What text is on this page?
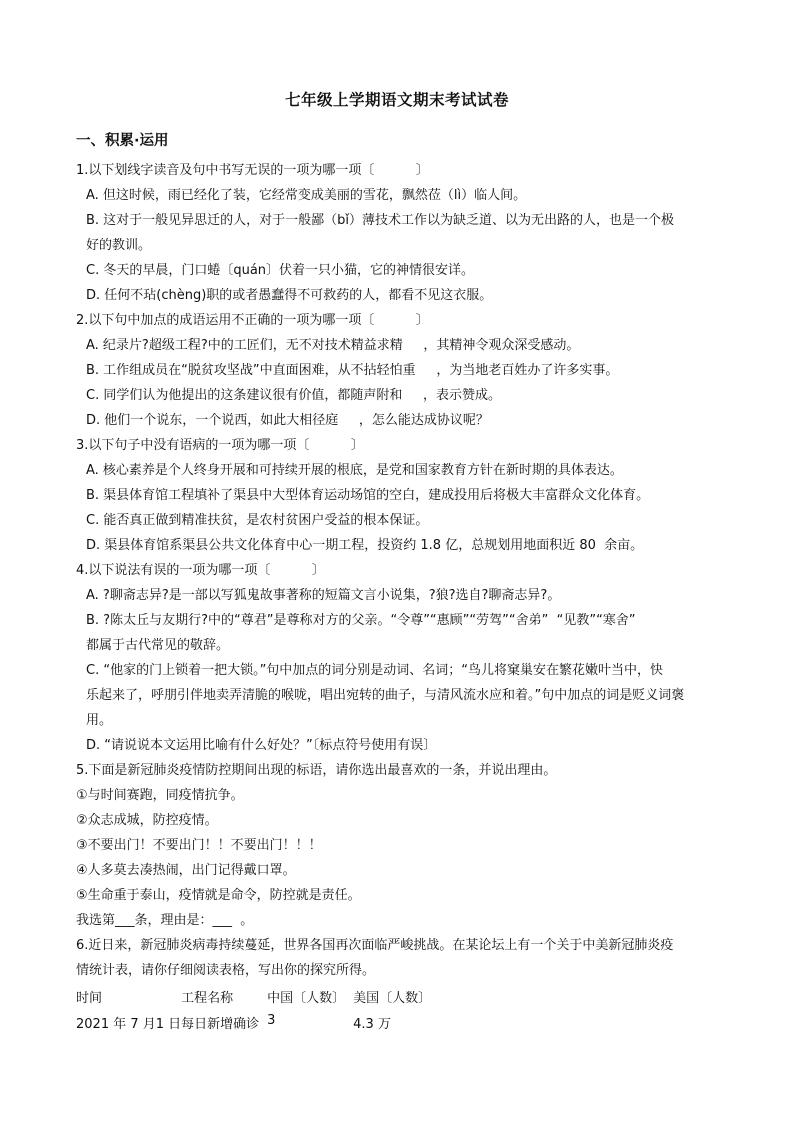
七年级上学期语文期末考试试卷
一、积累·运用
1.以下划线字读音及句中书写无误的一项为哪一项〔          〕
A. 但这时候，雨已经化了装，它经常变成美丽的雪花，飘然莅（lì）临人间。
B. 这对于一般见异思迁的人，对于一般鄙（bǐ）薄技术工作以为缺乏道、以为无出路的人，也是一个极
好的教训。
C. 冬天的早晨，门口蜷〔quán〕伏着一只小猫，它的神情很安详。
D. 任何不玷(chèng)职的或者愚蠢得不可救药的人，都看不见这衣服。
2.以下句中加点的成语运用不正确的一项为哪一项〔          〕
A. 纪录片?超级工程?中的工匠们，无不对技术精益求精     ，其精神令观众深受感动。
B. 工作组成员在“脱贫攻坚战”中直面困难，从不拈轻怕重     ，为当地老百姓办了许多实事。
C. 同学们认为他提出的这条建议很有价值，都随声附和     ，表示赞成。
D. 他们一个说东，一个说西，如此大相径庭     ，怎么能达成协议呢？
3.以下句子中没有语病的一项为哪一项〔          〕
A. 核心素养是个人终身开展和可持续开展的根底，是党和国家教育方针在新时期的具体表达。
B. 渠县体育馆工程填补了渠县中大型体育运动场馆的空白，建成投用后将极大丰富群众文化体育。
C. 能否真正做到精准扶贫，是农村贫困户受益的根本保证。
D. 渠县体育馆系渠县公共文化体育中心一期工程，投资约 1.8 亿，总规划用地面积近 80  余亩。
4.以下说法有误的一项为哪一项〔          〕
A. ?聊斋志异?是一部以写狐鬼故事著称的短篇文言小说集，?狼?选自?聊斋志异?。
B. ?陈太丘与友期行?中的“尊君”是尊称对方的父亲。“令尊”“惠顾”“劳驾”“舍弟”  “见教”“寒舍”
都属于古代常见的敬辞。
C. “他家的门上锁着一把大锁。”句中加点的词分别是动词、名词；“鸟儿将窠巢安在繁花嫩叶当中，快
乐起来了，呼朋引伴地卖弄清脆的喉咙，唱出宛转的曲子，与清风流水应和着。”句中加点的词是贬义词褒
用。
D. “请说说本文运用比喻有什么好处？”〔标点符号使用有误〕
5.下面是新冠肺炎疫情防控期间出现的标语，请你选出最喜欢的一条，并说出理由。
①与时间赛跑，同疫情抗争。
②众志成城，防控疫情。
③不要出门！不要出门！！不要出门！！！
④人多莫去凑热闹，出门记得戴口罩。
⑤生命重于泰山，疫情就是命令，防控就是责任。
我选第___条，理由是：___  。
6.近日来，新冠肺炎病毒持续蔓延，世界各国再次面临严峻挑战。在某论坛上有一个关于中美新冠肺炎疫
情统计表，请你仔细阅读表格，写出你的探究所得。
时间	工程名称	中国〔人数〕	美国〔人数〕
2021 年 7 月1 日	每日新增确诊	3	4.3 万
